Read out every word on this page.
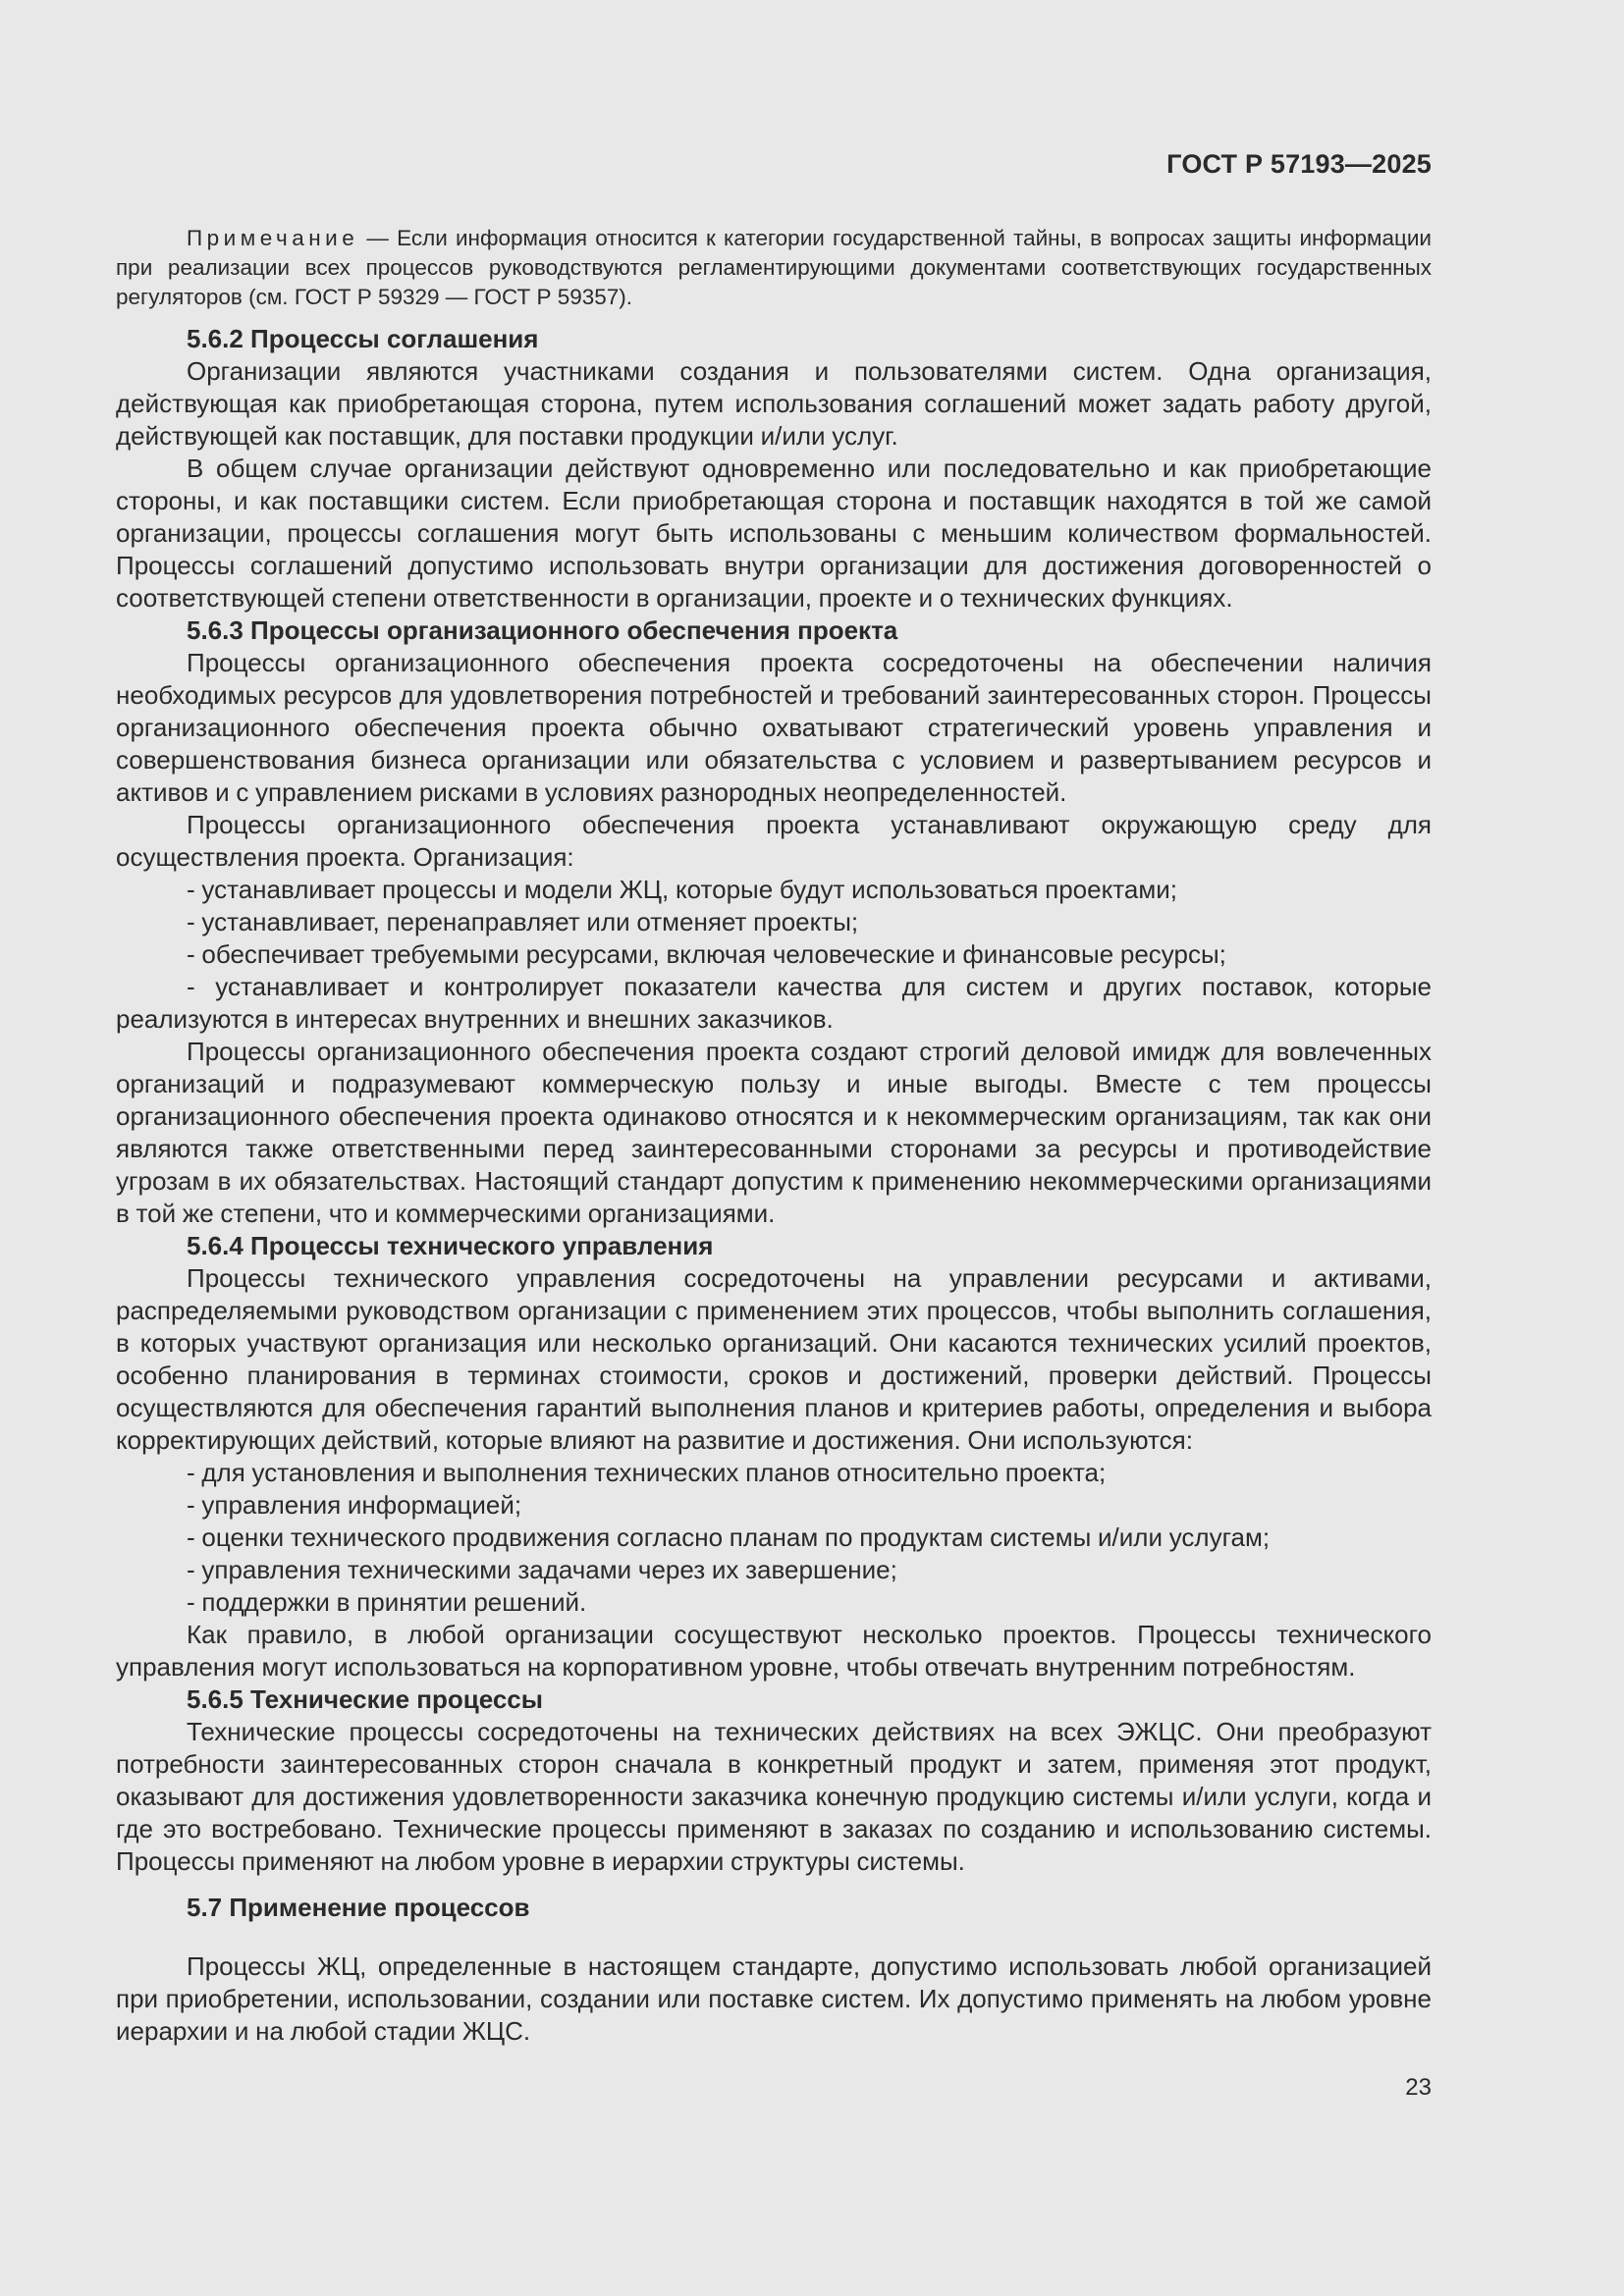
ГОСТ Р 57193—2025

Примечание — Если информация относится к категории государственной тайны, в вопросах защиты информации при реализации всех процессов руководствуются регламентирующими документами соответствующих государственных регуляторов (см. ГОСТ Р 59329 — ГОСТ Р 59357).

5.6.2 Процессы соглашения

Организации являются участниками создания и пользователями систем. Одна организация, действующая как приобретающая сторона, путем использования соглашений может задать работу другой, действующей как поставщик, для поставки продукции и/или услуг.

В общем случае организации действуют одновременно или последовательно и как приобретающие стороны, и как поставщики систем. Если приобретающая сторона и поставщик находятся в той же самой организации, процессы соглашения могут быть использованы с меньшим количеством формальностей. Процессы соглашений допустимо использовать внутри организации для достижения договоренностей о соответствующей степени ответственности в организации, проекте и о технических функциях.

5.6.3 Процессы организационного обеспечения проекта

Процессы организационного обеспечения проекта сосредоточены на обеспечении наличия необходимых ресурсов для удовлетворения потребностей и требований заинтересованных сторон. Процессы организационного обеспечения проекта обычно охватывают стратегический уровень управления и совершенствования бизнеса организации или обязательства с условием и развертыванием ресурсов и активов и с управлением рисками в условиях разнородных неопределенностей.

Процессы организационного обеспечения проекта устанавливают окружающую среду для осуществления проекта. Организация:

- устанавливает процессы и модели ЖЦ, которые будут использоваться проектами;

- устанавливает, перенаправляет или отменяет проекты;

- обеспечивает требуемыми ресурсами, включая человеческие и финансовые ресурсы;

- устанавливает и контролирует показатели качества для систем и других поставок, которые реализуются в интересах внутренних и внешних заказчиков.

Процессы организационного обеспечения проекта создают строгий деловой имидж для вовлеченных организаций и подразумевают коммерческую пользу и иные выгоды. Вместе с тем процессы организационного обеспечения проекта одинаково относятся и к некоммерческим организациям, так как они являются также ответственными перед заинтересованными сторонами за ресурсы и противодействие угрозам в их обязательствах. Настоящий стандарт допустим к применению некоммерческими организациями в той же степени, что и коммерческими организациями.

5.6.4 Процессы технического управления

Процессы технического управления сосредоточены на управлении ресурсами и активами, распределяемыми руководством организации с применением этих процессов, чтобы выполнить соглашения, в которых участвуют организация или несколько организаций. Они касаются технических усилий проектов, особенно планирования в терминах стоимости, сроков и достижений, проверки действий. Процессы осуществляются для обеспечения гарантий выполнения планов и критериев работы, определения и выбора корректирующих действий, которые влияют на развитие и достижения. Они используются:

- для установления и выполнения технических планов относительно проекта;

- управления информацией;

- оценки технического продвижения согласно планам по продуктам системы и/или услугам;

- управления техническими задачами через их завершение;

- поддержки в принятии решений.

Как правило, в любой организации сосуществуют несколько проектов. Процессы технического управления могут использоваться на корпоративном уровне, чтобы отвечать внутренним потребностям.

5.6.5 Технические процессы

Технические процессы сосредоточены на технических действиях на всех ЭЖЦС. Они преобразуют потребности заинтересованных сторон сначала в конкретный продукт и затем, применяя этот продукт, оказывают для достижения удовлетворенности заказчика конечную продукцию системы и/или услуги, когда и где это востребовано. Технические процессы применяют в заказах по созданию и использованию системы. Процессы применяют на любом уровне в иерархии структуры системы.

5.7 Применение процессов

Процессы ЖЦ, определенные в настоящем стандарте, допустимо использовать любой организацией при приобретении, использовании, создании или поставке систем. Их допустимо применять на любом уровне иерархии и на любой стадии ЖЦС.

23
